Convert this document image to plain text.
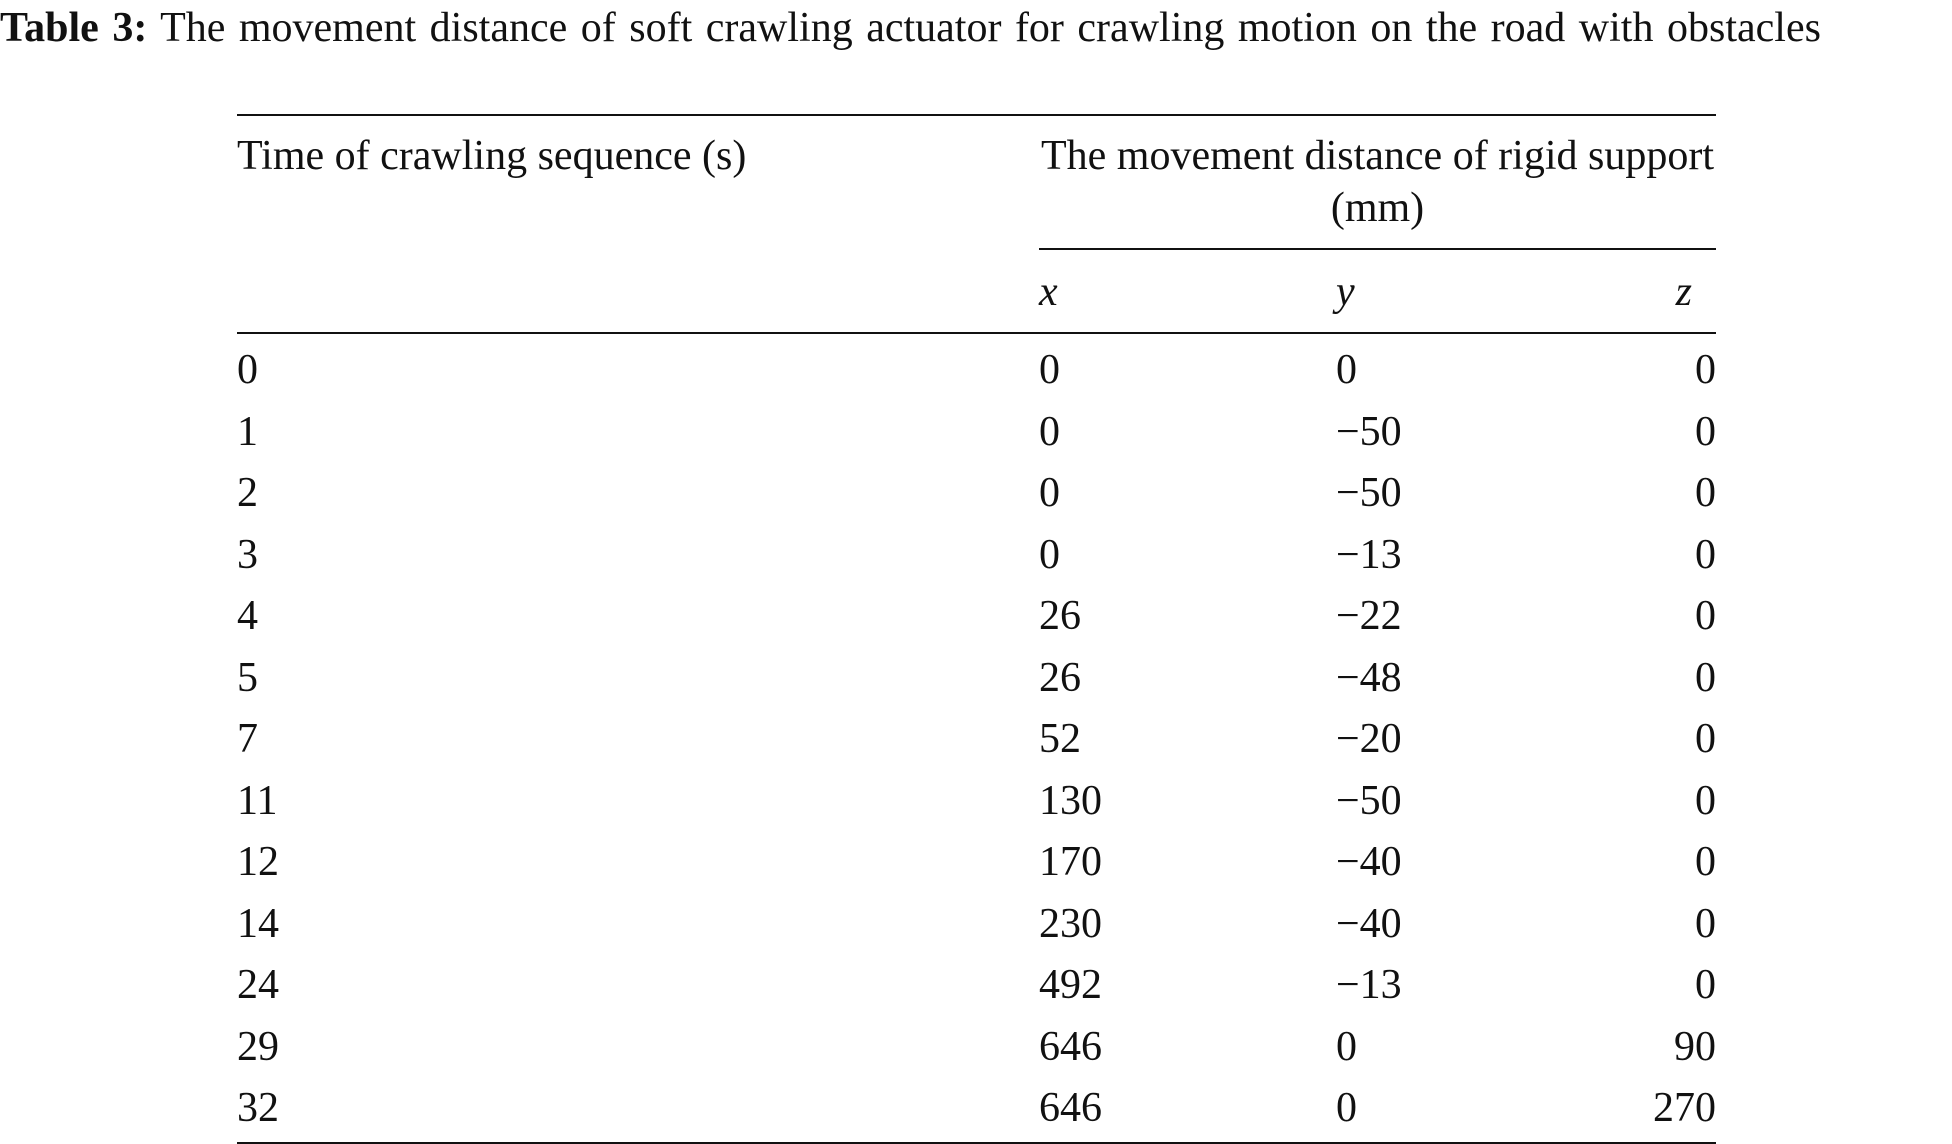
Table 3: The movement distance of soft crawling actuator for crawling motion on the road with obstacles
Time of crawling sequence (s)	The movement distance of rigid support (mm)		
	x	y	z
0	0	0	0
1	0	−50	0
2	0	−50	0
3	0	−13	0
4	26	−22	0
5	26	−48	0
7	52	−20	0
11	130	−50	0
12	170	−40	0
14	230	−40	0
24	492	−13	0
29	646	0	90
32	646	0	270
